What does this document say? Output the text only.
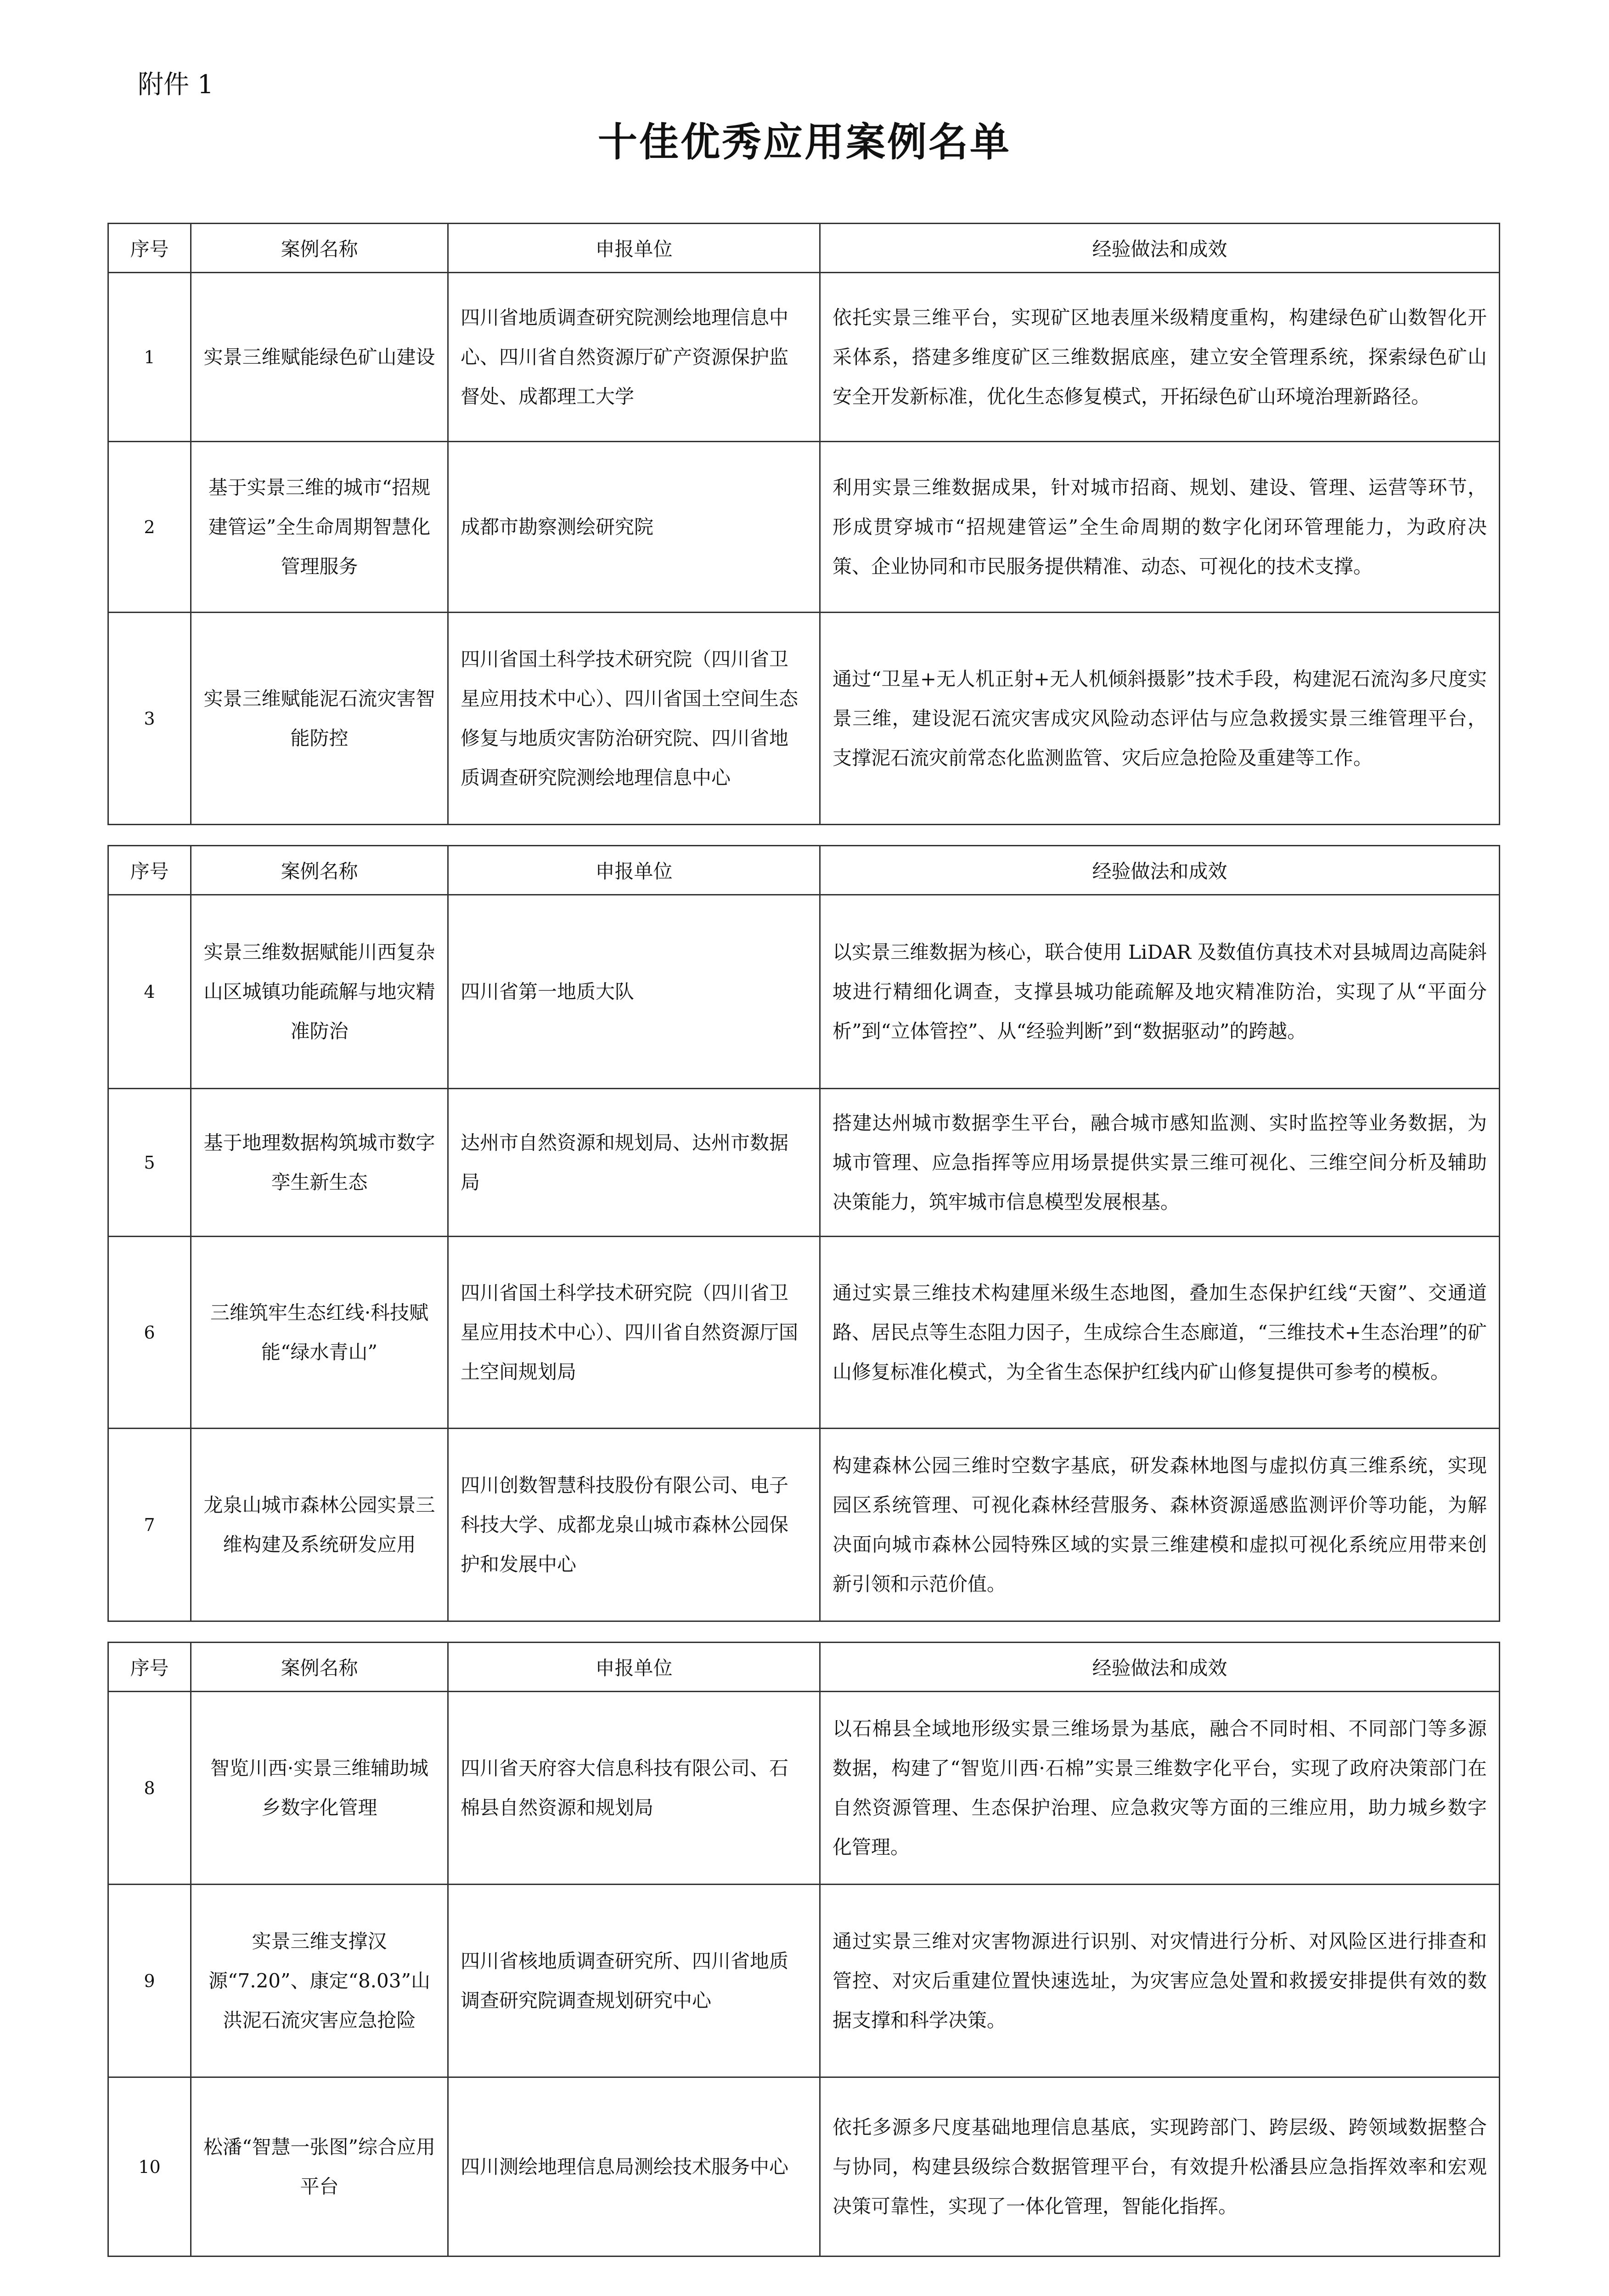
附件 1
十佳优秀应用案例名单
序号	案例名称	申报单位	经验做法和成效
1	实景三维赋能绿色矿山建设	四川省地质调查研究院测绘地理信息中心、四川省自然资源厅矿产资源保护监督处、成都理工大学	依托实景三维平台，实现矿区地表厘米级精度重构，构建绿色矿山数智化开采体系，搭建多维度矿区三维数据底座，建立安全管理系统，探索绿色矿山安全开发新标准，优化生态修复模式，开拓绿色矿山环境治理新路径。
2	基于实景三维的城市“招规建管运”全生命周期智慧化管理服务	成都市勘察测绘研究院	利用实景三维数据成果，针对城市招商、规划、建设、管理、运营等环节，形成贯穿城市“招规建管运”全生命周期的数字化闭环管理能力，为政府决策、企业协同和市民服务提供精准、动态、可视化的技术支撑。
3	实景三维赋能泥石流灾害智能防控	四川省国土科学技术研究院（四川省卫星应用技术中心）、四川省国土空间生态修复与地质灾害防治研究院、四川省地质调查研究院测绘地理信息中心	通过“卫星+无人机正射+无人机倾斜摄影”技术手段，构建泥石流沟多尺度实景三维，建设泥石流灾害成灾风险动态评估与应急救援实景三维管理平台，支撑泥石流灾前常态化监测监管、灾后应急抢险及重建等工作。
序号	案例名称	申报单位	经验做法和成效
4	实景三维数据赋能川西复杂山区城镇功能疏解与地灾精准防治	四川省第一地质大队	以实景三维数据为核心，联合使用 LiDAR 及数值仿真技术对县城周边高陡斜坡进行精细化调查，支撑县城功能疏解及地灾精准防治，实现了从“平面分析”到“立体管控”、从“经验判断”到“数据驱动”的跨越。
5	基于地理数据构筑城市数字孪生新生态	达州市自然资源和规划局、达州市数据局	搭建达州城市数据孪生平台，融合城市感知监测、实时监控等业务数据，为城市管理、应急指挥等应用场景提供实景三维可视化、三维空间分析及辅助决策能力，筑牢城市信息模型发展根基。
6	三维筑牢生态红线·科技赋能“绿水青山”	四川省国土科学技术研究院（四川省卫星应用技术中心）、四川省自然资源厅国土空间规划局	通过实景三维技术构建厘米级生态地图，叠加生态保护红线“天窗”、交通道路、居民点等生态阻力因子，生成综合生态廊道，“三维技术+生态治理”的矿山修复标准化模式，为全省生态保护红线内矿山修复提供可参考的模板。
7	龙泉山城市森林公园实景三维构建及系统研发应用	四川创数智慧科技股份有限公司、电子科技大学、成都龙泉山城市森林公园保护和发展中心	构建森林公园三维时空数字基底，研发森林地图与虚拟仿真三维系统，实现园区系统管理、可视化森林经营服务、森林资源遥感监测评价等功能，为解决面向城市森林公园特殊区域的实景三维建模和虚拟可视化系统应用带来创新引领和示范价值。
序号	案例名称	申报单位	经验做法和成效
8	智览川西·实景三维辅助城乡数字化管理	四川省天府容大信息科技有限公司、石棉县自然资源和规划局	以石棉县全域地形级实景三维场景为基底，融合不同时相、不同部门等多源数据，构建了“智览川西·石棉”实景三维数字化平台，实现了政府决策部门在自然资源管理、生态保护治理、应急救灾等方面的三维应用，助力城乡数字化管理。
9	实景三维支撑汉源“7.20”、康定“8.03”山洪泥石流灾害应急抢险	四川省核地质调查研究所、四川省地质调查研究院调查规划研究中心	通过实景三维对灾害物源进行识别、对灾情进行分析、对风险区进行排查和管控、对灾后重建位置快速选址，为灾害应急处置和救援安排提供有效的数据支撑和科学决策。
10	松潘“智慧一张图”综合应用平台	四川测绘地理信息局测绘技术服务中心	依托多源多尺度基础地理信息基底，实现跨部门、跨层级、跨领域数据整合与协同，构建县级综合数据管理平台，有效提升松潘县应急指挥效率和宏观决策可靠性，实现了一体化管理，智能化指挥。
